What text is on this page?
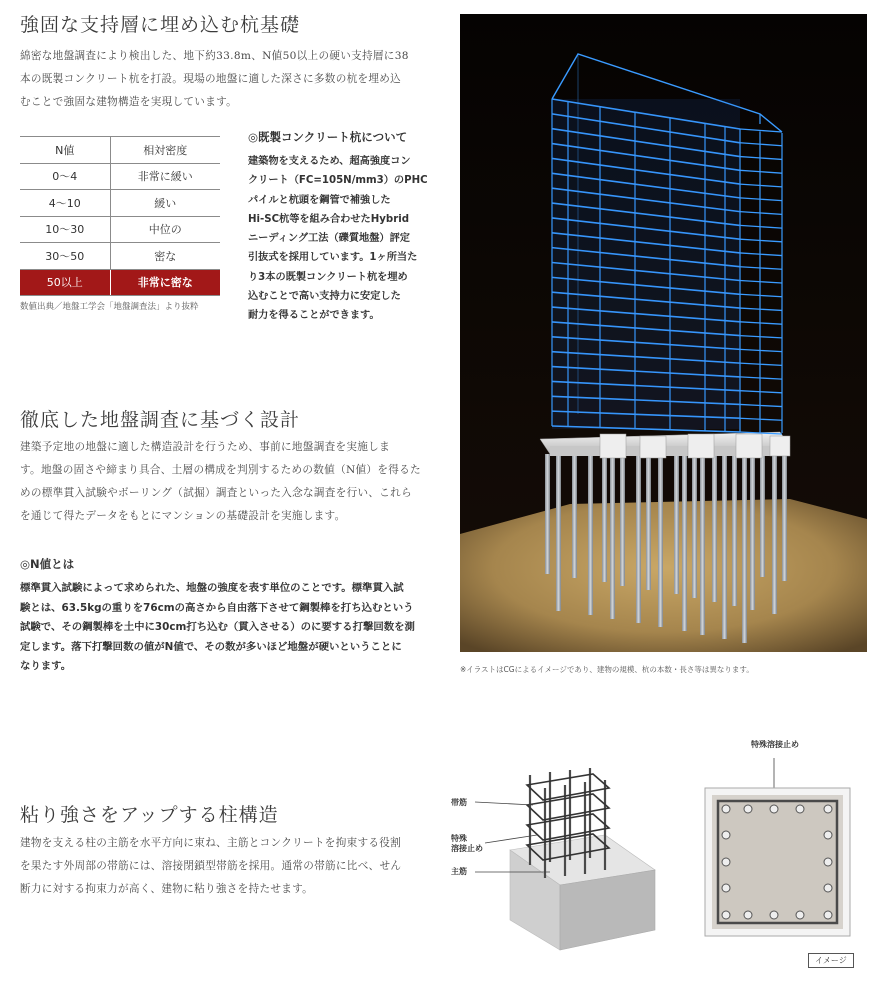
強固な支持層に埋め込む杭基礎
綿密な地盤調査により検出した、地下約33.8m、N値50以上の硬い支持層に38
本の既製コンクリート杭を打設。現場の地盤に適した深さに多数の杭を埋め込
むことで強固な建物構造を実現しています。
N値	相対密度
0〜4	非常に緩い
4〜10	緩い
10〜30	中位の
30〜50	密な
50以上	非常に密な
数値出典／地盤工学会「地盤調査法」より抜粋
◎既製コンクリート杭について
建築物を支えるため、超高強度コン
クリート（FC=105N/mm3）のPHC
パイルと杭頭を鋼管で補強した
Hi-SC杭等を組み合わせたHybrid
ニーディング工法（礫質地盤）評定
引抜式を採用しています。1ヶ所当た
り3本の既製コンクリート杭を埋め
込むことで高い支持力に安定した
耐力を得ることができます。
徹底した地盤調査に基づく設計
建築予定地の地盤に適した構造設計を行うため、事前に地盤調査を実施しま
す。地盤の固さや締まり具合、土層の構成を判別するための数値（N値）を得るた
めの標準貫入試験やボーリング（試掘）調査といった入念な調査を行い、これら
を通じて得たデータをもとにマンションの基礎設計を実施します。
◎N値とは
標準貫入試験によって求められた、地盤の強度を表す単位のことです。標準貫入試
験とは、63.5kgの重りを76cmの高さから自由落下させて鋼製棒を打ち込むという
試験で、その鋼製棒を土中に30cm打ち込む（貫入させる）のに要する打撃回数を測
定します。落下打撃回数の値がN値で、その数が多いほど地盤が硬いということに
なります。	※イラストはCGによるイメージであり、建物の規模、杭の本数・長さ等は異なります。
粘り強さをアップする柱構造
建物を支える柱の主筋を水平方向に束ね、主筋とコンクリートを拘束する役割
を果たす外周部の帯筋には、溶接閉鎖型帯筋を採用。通常の帯筋に比べ、せん
断力に対する拘束力が高く、建物に粘り強さを持たせます。
帯筋
特殊
溶接止め
主筋
特殊溶接止め
イメージ
